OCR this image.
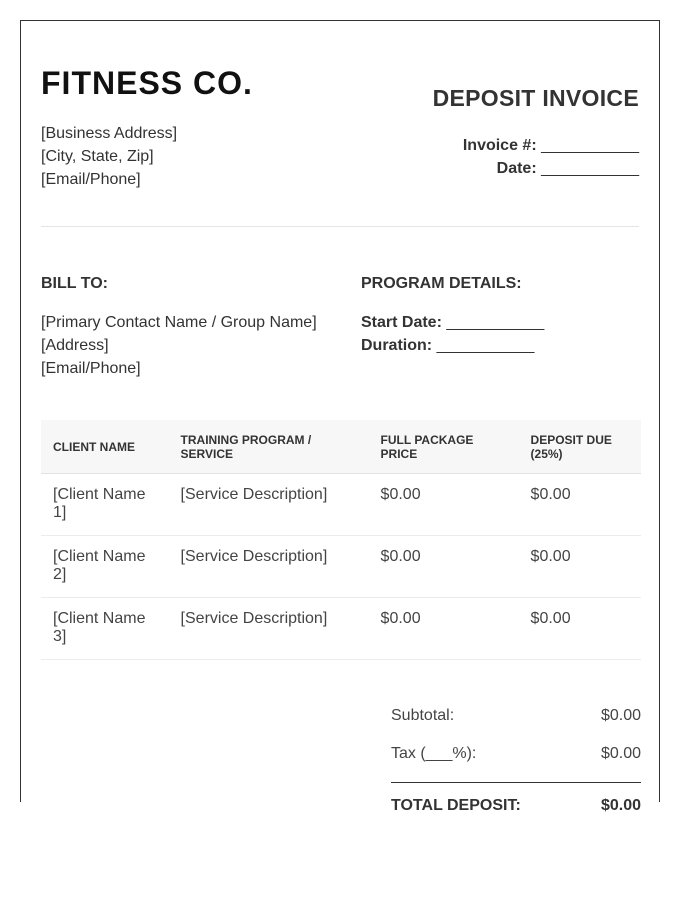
FITNESS CO.
[Business Address]
[City, State, Zip]
[Email/Phone]
DEPOSIT INVOICE
Invoice #: ___________
Date: ___________
BILL TO:
[Primary Contact Name / Group Name]
[Address]
[Email/Phone]
PROGRAM DETAILS:
Start Date: ___________
Duration: ___________
CLIENT NAME	TRAINING PROGRAM / SERVICE	FULL PACKAGE PRICE	DEPOSIT DUE (25%)
[Client Name 1]	[Service Description]	$0.00	$0.00
[Client Name 2]	[Service Description]	$0.00	$0.00
[Client Name 3]	[Service Description]	$0.00	$0.00
Subtotal:	$0.00
Tax (___%):	$0.00
TOTAL DEPOSIT:	$0.00
